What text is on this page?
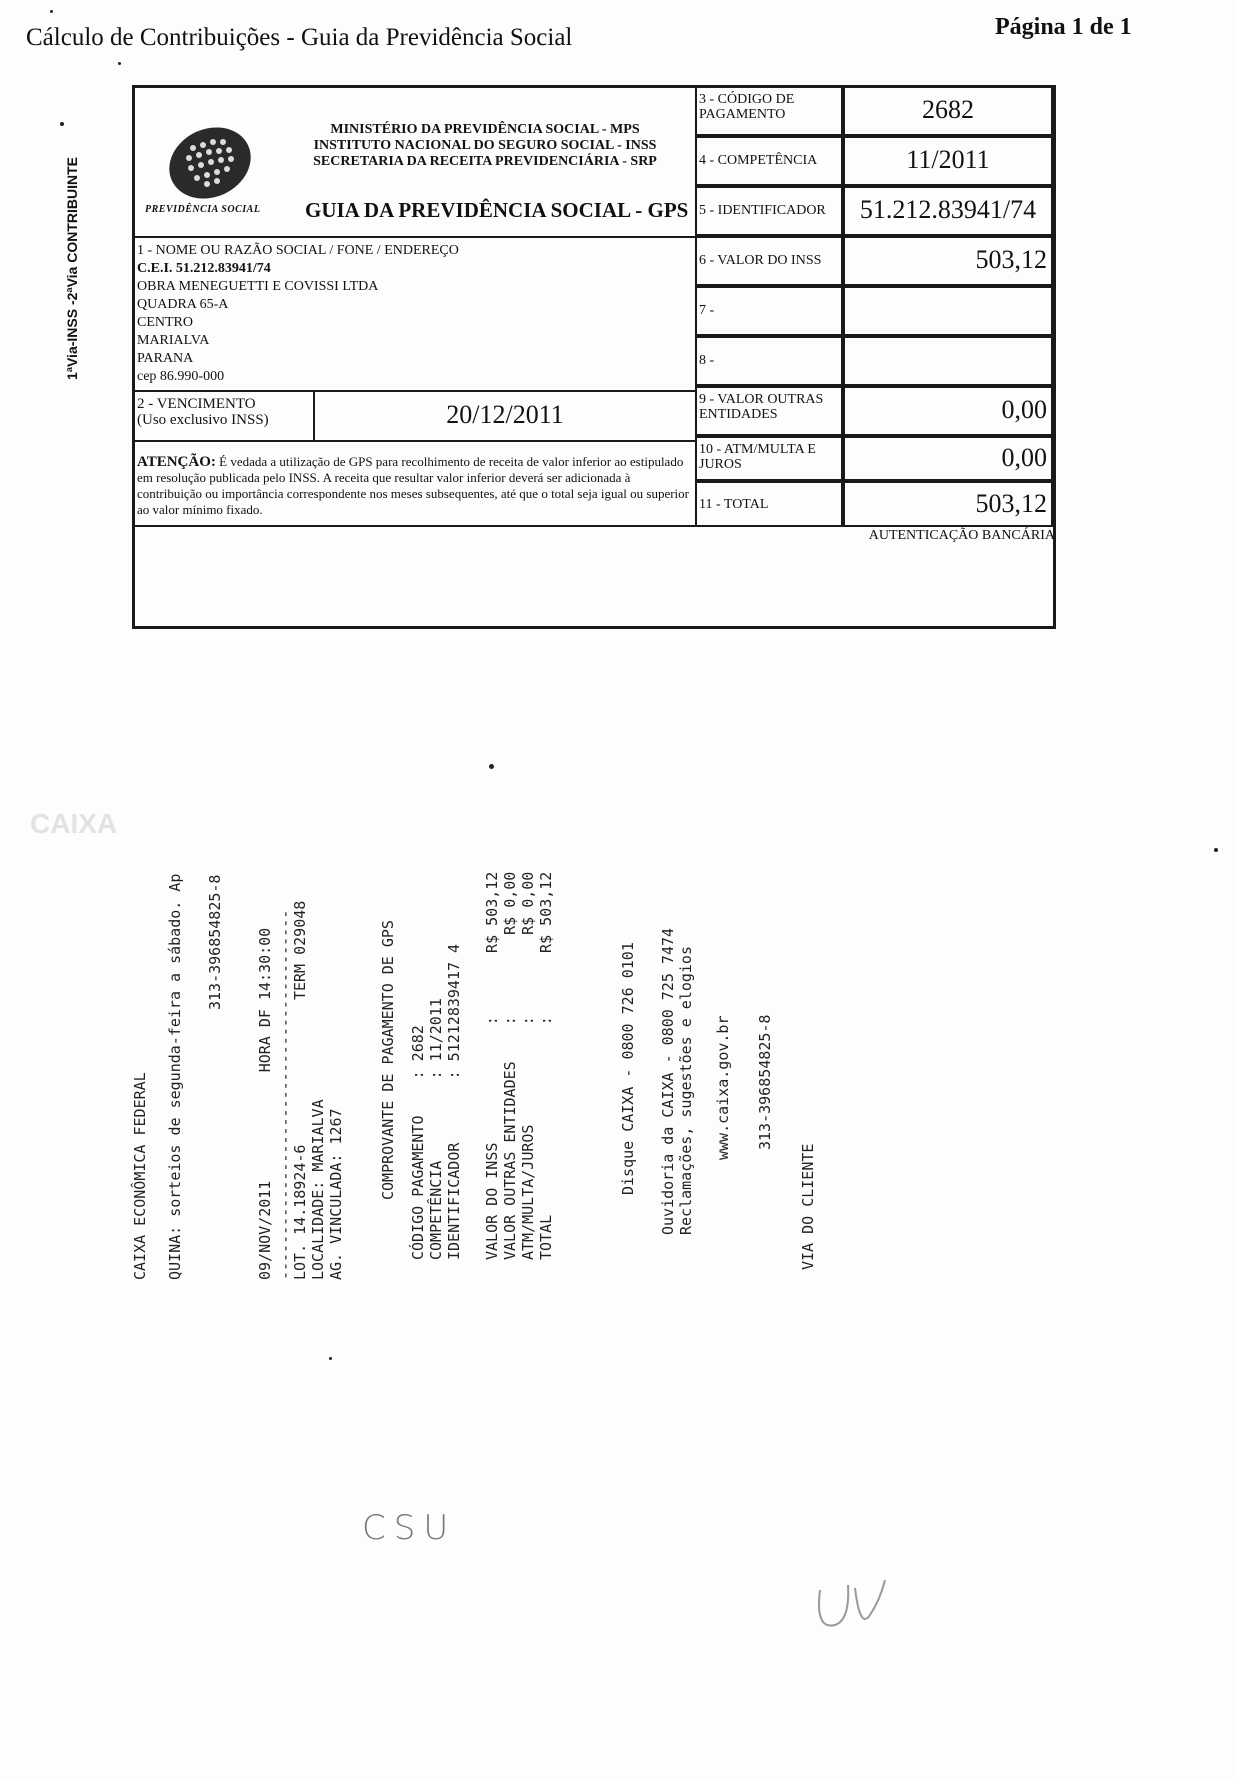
Cálculo de Contribuições - Guia da Previdência Social	Página 1 de 1
1ªVia-INSS -2ªVia CONTRIBUINTE	PREVIDÊNCIA SOCIAL
MINISTÉRIO DA PREVIDÊNCIA SOCIAL - MPS
INSTITUTO NACIONAL DO SEGURO SOCIAL - INSS
SECRETARIA DA RECEITA PREVIDENCIÁRIA - SRP
GUIA DA PREVIDÊNCIA SOCIAL - GPS
1 - NOME OU RAZÃO SOCIAL / FONE / ENDEREÇO
C.E.I. 51.212.83941/74
OBRA MENEGUETTI E COVISSI LTDA
QUADRA 65-A
CENTRO
MARIALVA
PARANA
cep 86.990-000
2 - VENCIMENTO
(Uso exclusivo INSS)	20/12/2011
ATENÇÃO: É vedada a utilização de GPS para recolhimento de receita de valor inferior ao estipulado em resolução publicada pelo INSS. A receita que resultar valor inferior deverá ser adicionada à contribuição ou importância correspondente nos meses subsequentes, até que o total seja igual ou superior ao valor mínimo fixado.
3 - CÓDIGO DE PAGAMENTO	2682
4 - COMPETÊNCIA	11/2011
5 - IDENTIFICADOR	51.212.83941/74
6 - VALOR DO INSS	503,12
7 -
8 -
9 - VALOR OUTRAS ENTIDADES	0,00
10 - ATM/MULTA E JUROS	0,00
11 - TOTAL	503,12
AUTENTICAÇÃO BANCÁRIA
CAIXA
CAIXA ECONÔMICA FEDERAL QUINA: sorteios de segunda-feira a sábado. Ap 313-396854825-8 09/NOV/2011            HORA DF 14:30:00 -----------------------------------------
LOT. 14.18924-6                TERM 029048 LOCALIDADE: MARIALVA AG. VINCULADA: 1267 COMPROVANTE DE PAGAMENTO DE GPS CÓDIGO PAGAMENTO    : 2682 COMPETÊNCIA         : 11/2011 IDENTIFICADOR       : 51212839417 4 VALOR DO INSS             :       R$ 503,12 VALOR OUTRAS ENTIDADES    :         R$ 0,00 ATM/MULTA/JUROS           :         R$ 0,00 TOTAL                     :       R$ 503,12	Disque CAIXA - 0800 726 0101 Ouvidoria da CAIXA - 0800 725 7474 Reclamações, sugestões e elogios www.caixa.gov.br 313-396854825-8
VIA DO CLIENTE
CSU
